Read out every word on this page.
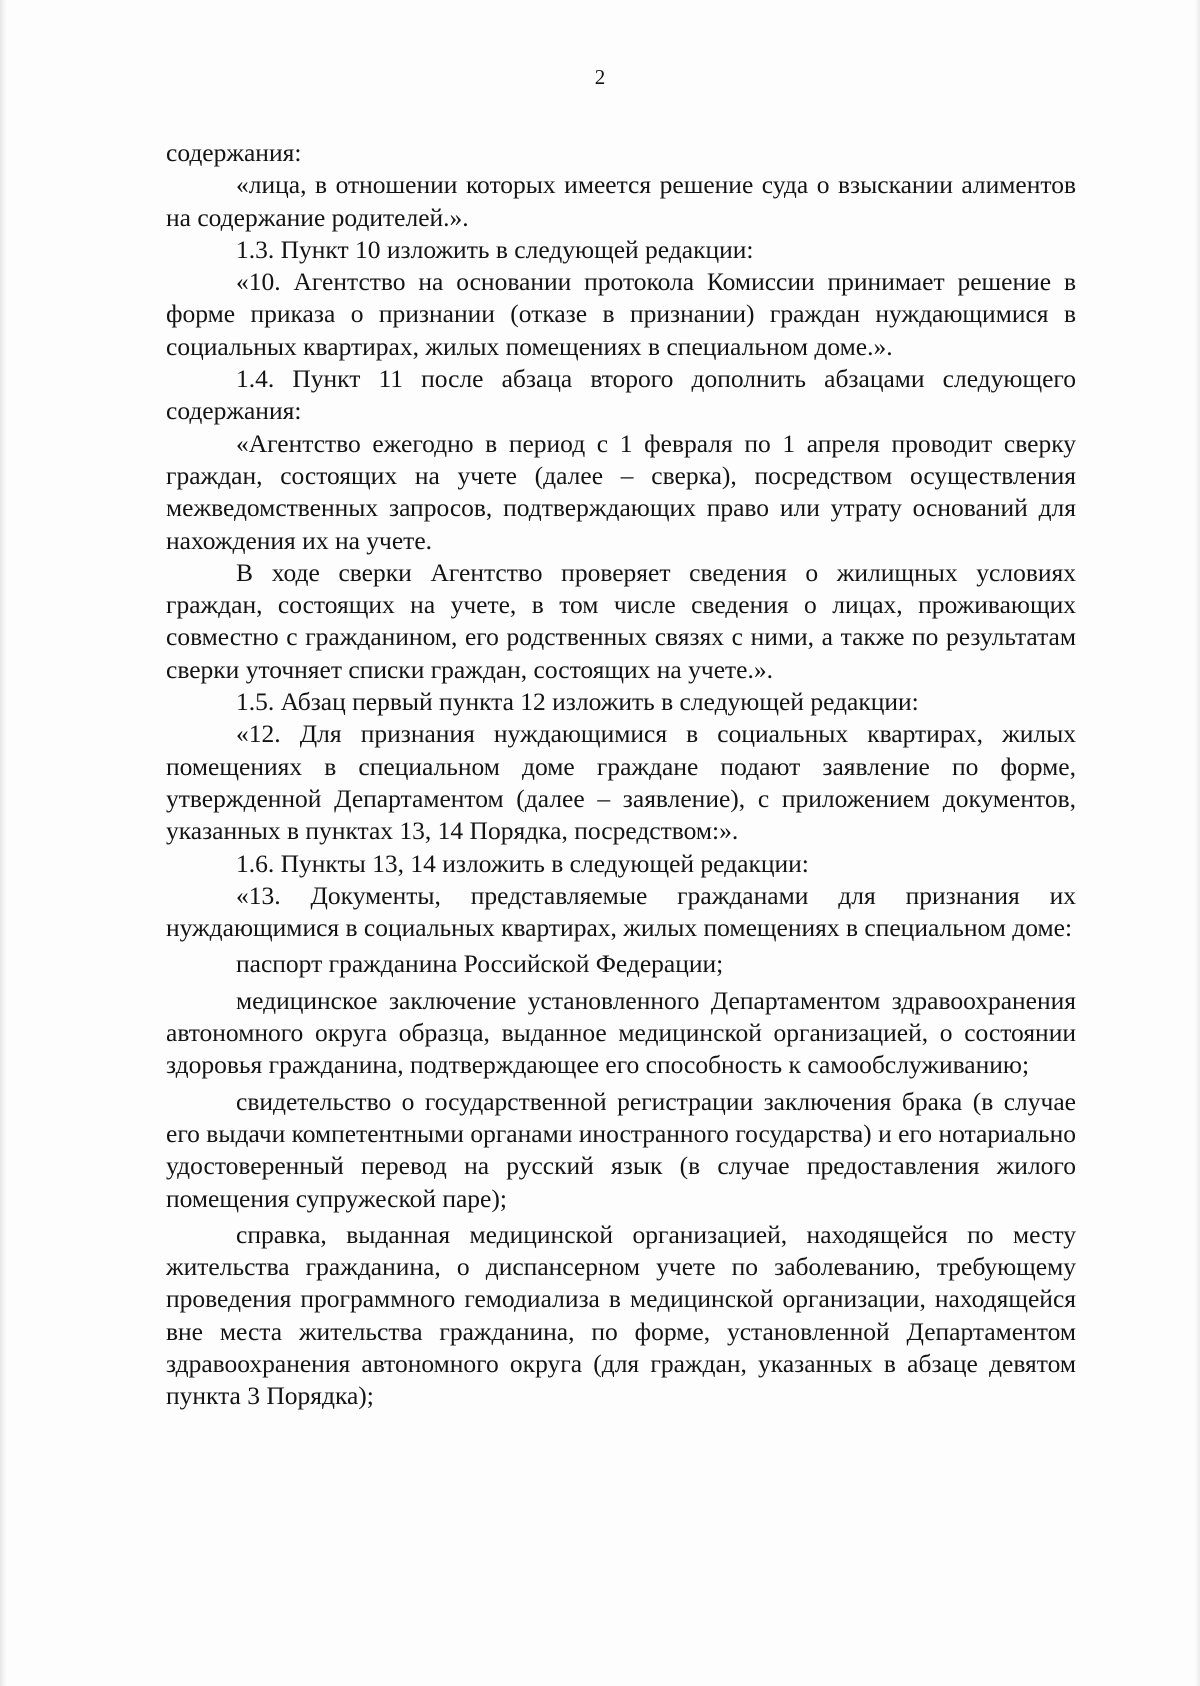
2

содержания:

«лица, в отношении которых имеется решение суда о взыскании алиментов на содержание родителей.».

1.3. Пункт 10 изложить в следующей редакции:

«10. Агентство на основании протокола Комиссии принимает решение в форме приказа о признании (отказе в признании) граждан нуждающимися в социальных квартирах, жилых помещениях в специальном доме.».

1.4. Пункт 11 после абзаца второго дополнить абзацами следующего содержания:

«Агентство ежегодно в период с 1 февраля по 1 апреля проводит сверку граждан, состоящих на учете (далее – сверка), посредством осуществления межведомственных запросов, подтверждающих право или утрату оснований для нахождения их на учете.

В ходе сверки Агентство проверяет сведения о жилищных условиях граждан, состоящих на учете, в том числе сведения о лицах, проживающих совместно с гражданином, его родственных связях с ними, а также по результатам сверки уточняет списки граждан, состоящих на учете.».

1.5. Абзац первый пункта 12 изложить в следующей редакции:

«12. Для признания нуждающимися в социальных квартирах, жилых помещениях в специальном доме граждане подают заявление по форме, утвержденной Департаментом (далее – заявление), с приложением документов, указанных в пунктах 13, 14 Порядка, посредством:».

1.6. Пункты 13, 14 изложить в следующей редакции:

«13. Документы, представляемые гражданами для признания их нуждающимися в социальных квартирах, жилых помещениях в специальном доме:

паспорт гражданина Российской Федерации;

медицинское заключение установленного Департаментом здравоохранения автономного округа образца, выданное медицинской организацией, о состоянии здоровья гражданина, подтверждающее его способность к самообслуживанию;

свидетельство о государственной регистрации заключения брака (в случае его выдачи компетентными органами иностранного государства) и его нотариально удостоверенный перевод на русский язык (в случае предоставления жилого помещения супружеской паре);

справка, выданная медицинской организацией, находящейся по месту жительства гражданина, о диспансерном учете по заболеванию, требующему проведения программного гемодиализа в медицинской организации, находящейся вне места жительства гражданина, по форме, установленной Департаментом здравоохранения автономного округа (для граждан, указанных в абзаце девятом пункта 3 Порядка);
